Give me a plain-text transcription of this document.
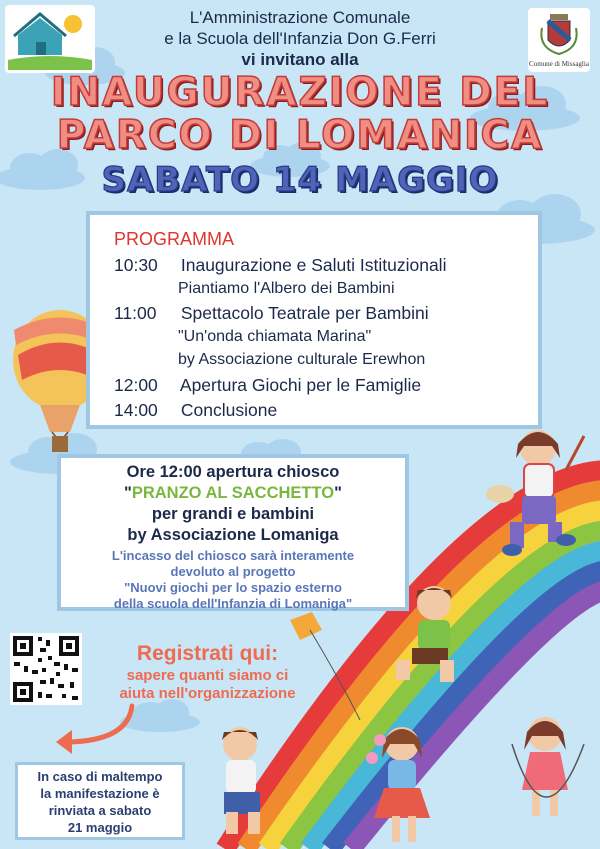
Comune di Missaglia
L'Amministrazione Comunale
e la Scuola dell'Infanzia Don G.Ferri
vi invitano alla
INAUGURAZIONE DEL
PARCO DI LOMANICA
SABATO 14 MAGGIO
PROGRAMMA
10:30 Inaugurazione e Saluti Istituzionali
Piantiamo l'Albero dei Bambini
11:00 Spettacolo Teatrale per Bambini
"Un'onda chiamata Marina"
by Associazione culturale Erewhon
12:00 Apertura Giochi per le Famiglie
14:00 Conclusione
Ore 12:00 apertura chiosco
"PRANZO AL SACCHETTO"
per grandi e bambini
by Associazione Lomaniga
L'incasso del chiosco sarà interamente
devoluto al progetto
"Nuovi giochi per lo spazio esterno
della scuola dell'Infanzia di Lomaniga"
Registrati qui:
sapere quanti siamo ci
aiuta nell'organizzazione
In caso di maltempo
la manifestazione è
rinviata a sabato
21 maggio
